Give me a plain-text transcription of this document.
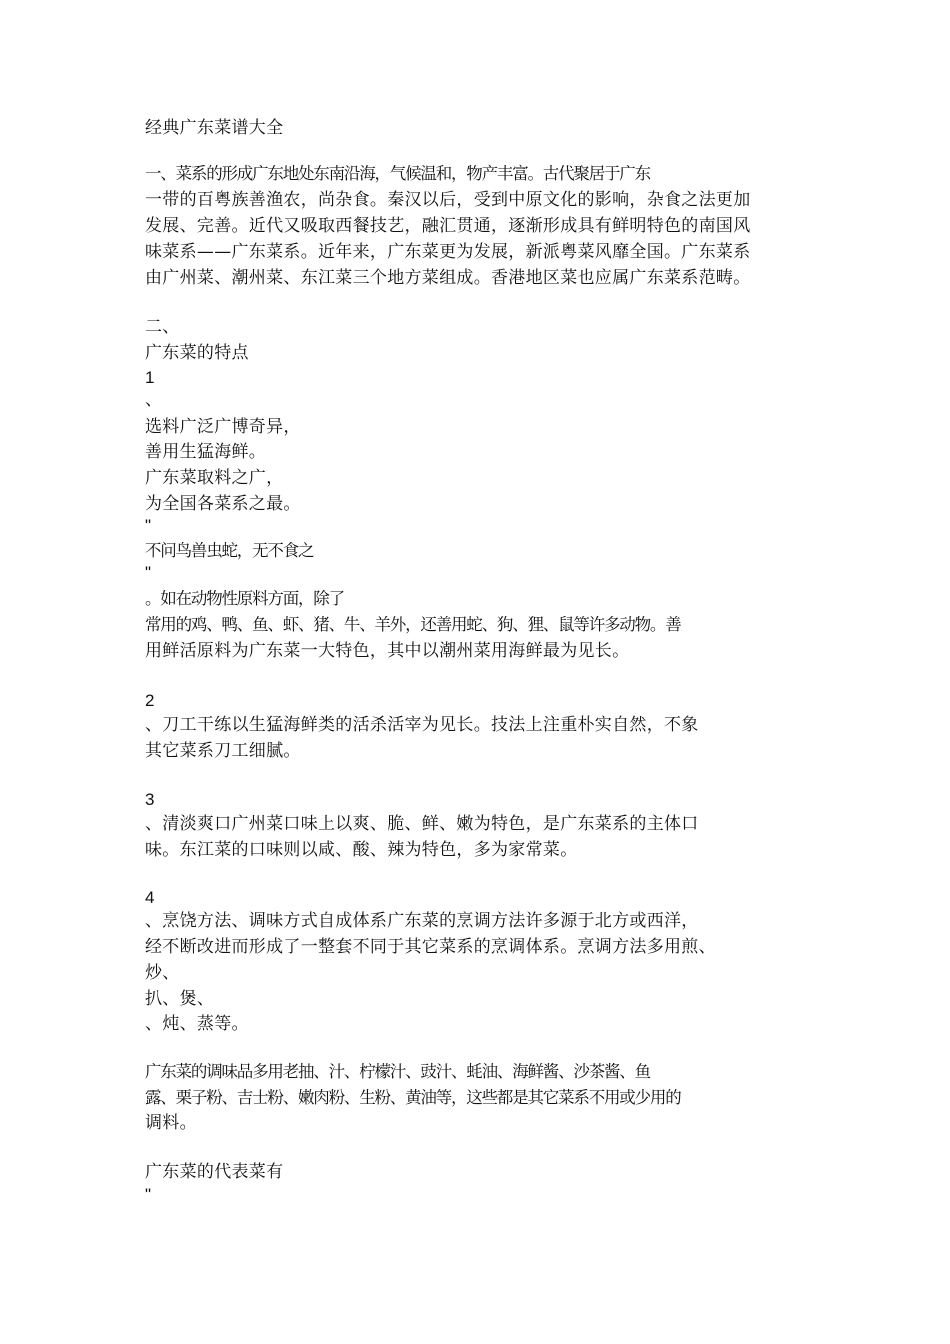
经典广东菜谱大全
一、菜系的形成广东地处东南沿海，气候温和，物产丰富。古代聚居于广东
一带的百粤族善渔农，尚杂食。秦汉以后，受到中原文化的影响，杂食之法更加
发展、完善。近代又吸取西餐技艺，融汇贯通，逐渐形成具有鲜明特色的南国风
味菜系——广东菜系。近年来，广东菜更为发展，新派粤菜风靡全国。广东菜系
由广州菜、潮州菜、东江菜三个地方菜组成。香港地区菜也应属广东菜系范畴。
二、
广东菜的特点
1
、
选料广泛广博奇异，
善用生猛海鲜。
广东菜取料之广，
为全国各菜系之最。
"
不问鸟兽虫蛇，无不食之
"
。如在动物性原料方面，除了
常用的鸡、鸭、鱼、虾、猪、牛、羊外，还善用蛇、狗、狸、鼠等许多动物。善
用鲜活原料为广东菜一大特色，其中以潮州菜用海鲜最为见长。
2
、刀工干练以生猛海鲜类的活杀活宰为见长。技法上注重朴实自然，不象
其它菜系刀工细腻。
3
、清淡爽口广州菜口味上以爽、脆、鲜、嫩为特色，是广东菜系的主体口
味。东江菜的口味则以咸、酸、辣为特色，多为家常菜。
4
、烹饶方法、调味方式自成体系广东菜的烹调方法许多源于北方或西洋，
经不断改进而形成了一整套不同于其它菜系的烹调体系。烹调方法多用煎、
炒、
扒、煲、
、炖、蒸等。
广东菜的调味品多用老抽、汁、柠檬汁、豉汁、蚝油、海鲜酱、沙茶酱、鱼
露、栗子粉、吉士粉、嫩肉粉、生粉、黄油等，这些都是其它菜系不用或少用的
调料。
广东菜的代表菜有
"
